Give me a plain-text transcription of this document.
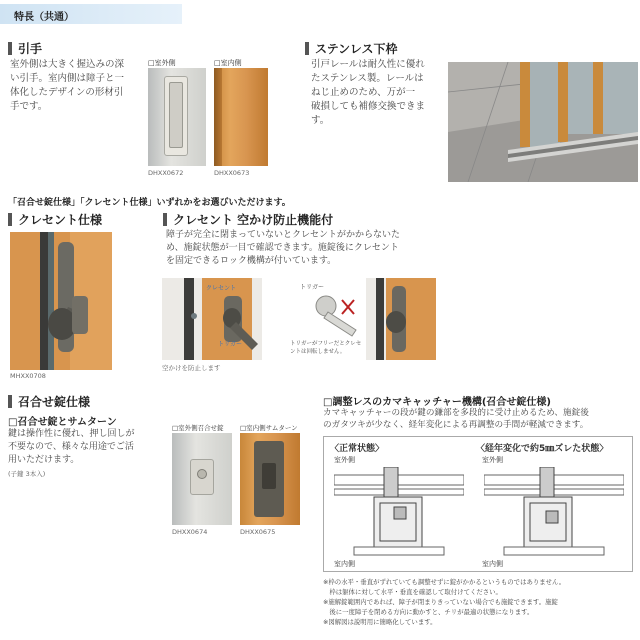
特長（共通）
引手
室外側は大きく握込みの深
い引手。室内側は障子と一
体化したデザインの形材引
手です。
□室外側
DHXX0672
□室内側
DHXX0673
ステンレス下枠
引戸レールは耐久性に優れ
たステンレス製。レールは
ねじ止めのため、万が一
破損しても補修交換できま
す。
「召合せ錠仕様」「クレセント仕様」いずれかをお選びいただけます。
クレセント仕様
MHXX0708
クレセント 空かけ防止機能付
障子が完全に閉まっていないとクレセントがかからないた
め、施錠状態が一目で確認できます。施錠後にクレセント
を固定できるロック機構が付いています。
クレセント
トリガー
空かけを防止します
トリガー
トリガーがフリーだとクレセ
ントは回転しません。
召合せ錠仕様
□召合せ錠とサムターン
鍵は操作性に優れ、押し回しが
不要なので、様々な用途でご活
用いただけます。
(子鍵 3本入)
□室外側召合せ錠
DHXX0674
□室内側サムターン
DHXX0675
□調整レスのカマキャッチャー機構(召合せ錠仕様)
カマキャッチャーの段が鍵の鎌部を多段的に受け止めるため、施錠後
のガタツキが少なく、経年変化による再調整の手間が軽減できます。
〈正常状態〉
室外側
室内側
〈経年変化で約5㎜ズレた状態〉
室外側
室内側
※枠の水平・垂直がずれていても調整せずに錠がかかるというものではありません。
　枠は躯体に対して水平・垂直を確認して取付けてください。
※施解錠範囲内であれば、障子が閉まりきっていない場合でも施錠できます。施錠
　後に一度障子を閉める方向に動かすと、チリが最適の状態になります。
※図解図は説明用に簡略化しています。
